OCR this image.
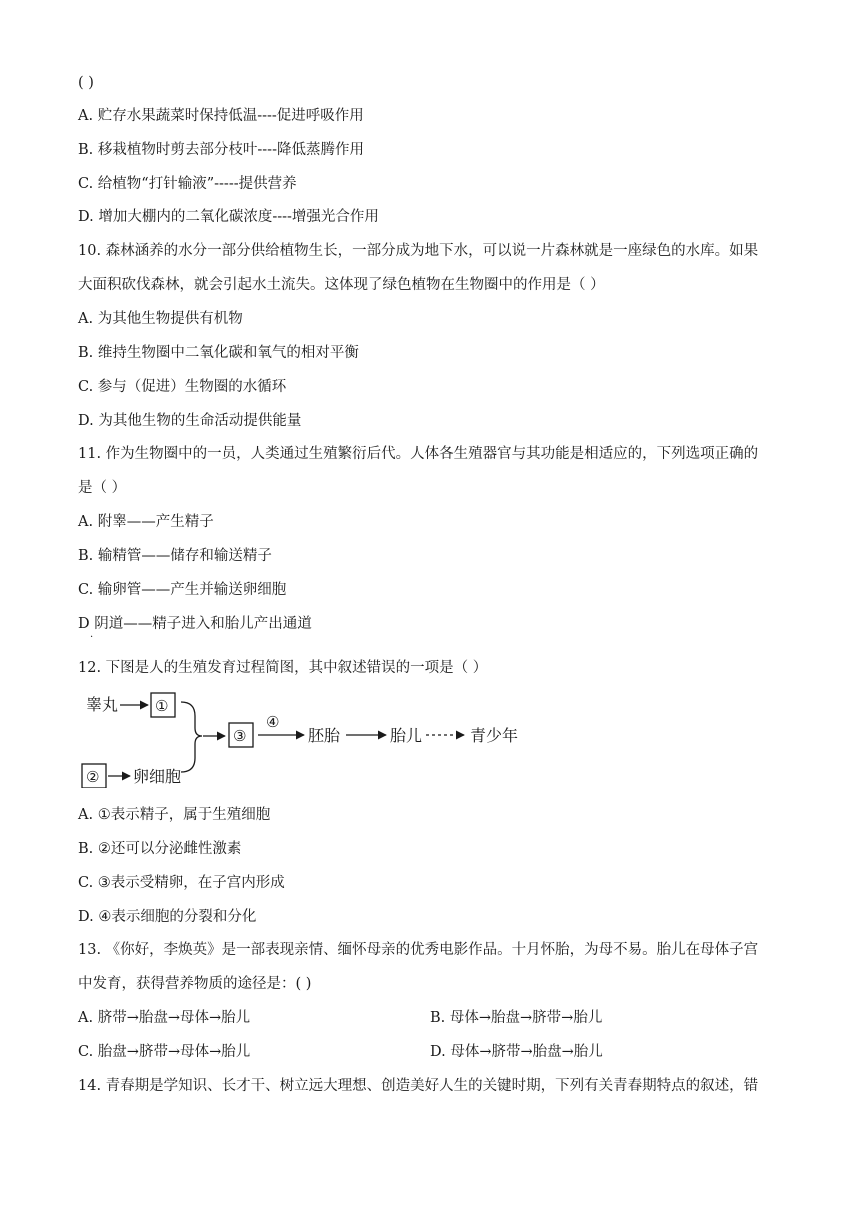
( )
A. 贮存水果蔬菜时保持低温----促进呼吸作用
B. 移栽植物时剪去部分枝叶----降低蒸腾作用
C. 给植物“打针输液”-----提供营养
D. 增加大棚内的二氧化碳浓度----增强光合作用
10. 森林涵养的水分一部分供给植物生长，一部分成为地下水，可以说一片森林就是一座绿色的水库。如果
大面积砍伐森林，就会引起水土流失。这体现了绿色植物在生物圈中的作用是（ ）
A. 为其他生物提供有机物
B. 维持生物圈中二氧化碳和氧气的相对平衡
C. 参与（促进）生物圈的水循环
D. 为其他生物的生命活动提供能量
11. 作为生物圈中的一员，人类通过生殖繁衍后代。人体各生殖器官与其功能是相适应的，下列选项正确的
是（ ）
A. 附睾——产生精子
B. 输精管——储存和输送精子
C. 输卵管——产生并输送卵细胞
D 阴道——精子进入和胎儿产出通道
.
12. 下图是人的生殖发育过程简图，其中叙述错误的一项是（ ）
睾丸 ①
② 卵细胞
③
④
胚胎	胎儿	青少年
A. ①表示精子，属于生殖细胞
B. ②还可以分泌雌性激素
C. ③表示受精卵，在子宫内形成
D. ④表示细胞的分裂和分化
13. 《你好，李焕英》是一部表现亲情、缅怀母亲的优秀电影作品。十月怀胎，为母不易。胎儿在母体子宫
中发育，获得营养物质的途径是：( )
A. 脐带→胎盘→母体→胎儿	B. 母体→胎盘→脐带→胎儿
C. 胎盘→脐带→母体→胎儿	D. 母体→脐带→胎盘→胎儿
14. 青春期是学知识、长才干、树立远大理想、创造美好人生的关键时期，下列有关青春期特点的叙述，错
